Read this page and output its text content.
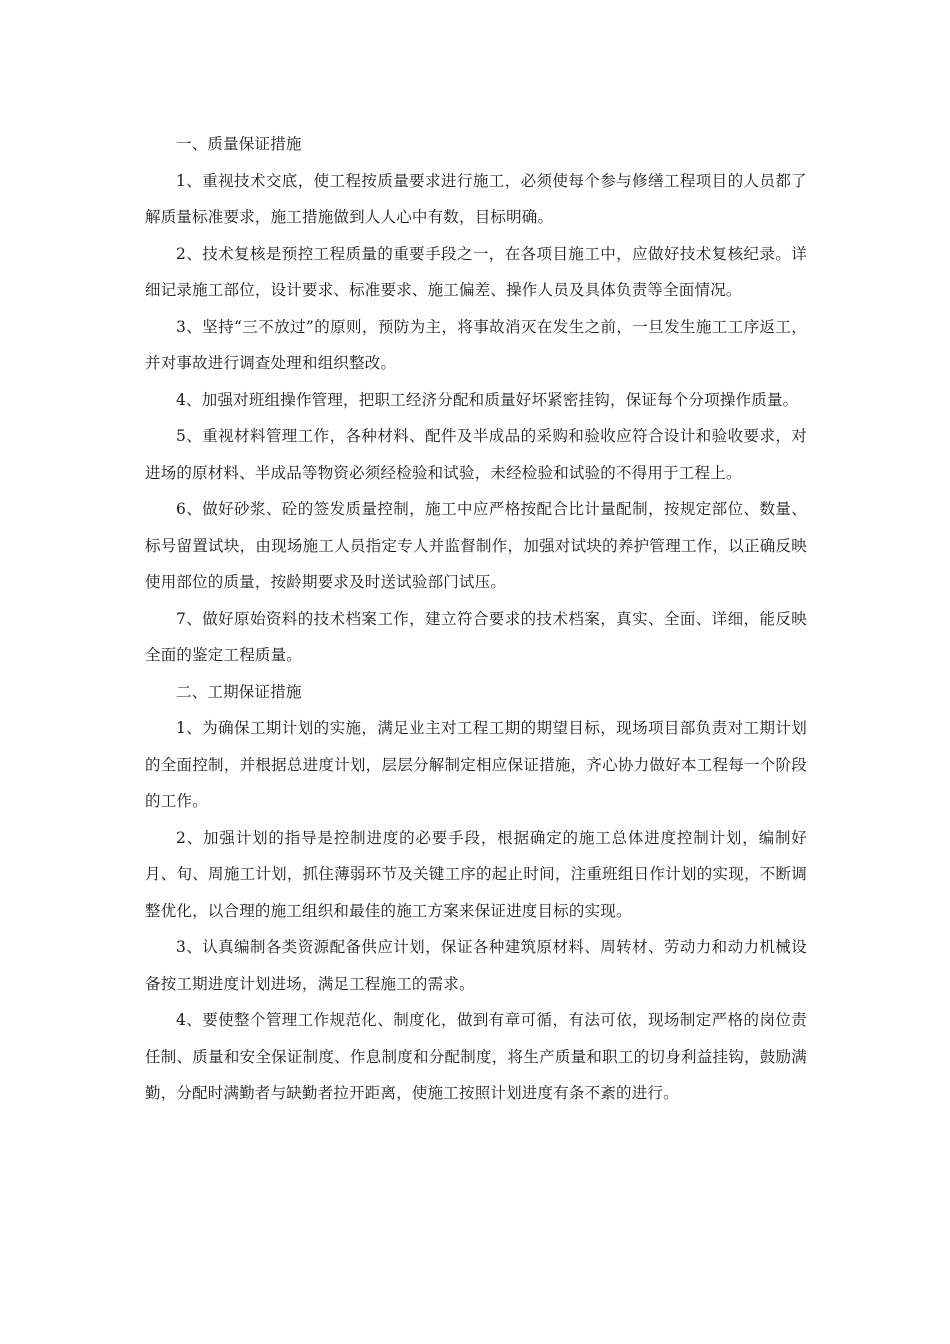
一、质量保证措施

1、重视技术交底，使工程按质量要求进行施工，必须使每个参与修缮工程项目的人员都了解质量标准要求，施工措施做到人人心中有数，目标明确。

2、技术复核是预控工程质量的重要手段之一，在各项目施工中，应做好技术复核纪录。详细记录施工部位，设计要求、标准要求、施工偏差、操作人员及具体负责等全面情况。

3、坚持“三不放过”的原则，预防为主，将事故消灭在发生之前，一旦发生施工工序返工，并对事故进行调查处理和组织整改。

4、加强对班组操作管理，把职工经济分配和质量好坏紧密挂钩，保证每个分项操作质量。

5、重视材料管理工作，各种材料、配件及半成品的采购和验收应符合设计和验收要求，对进场的原材料、半成品等物资必须经检验和试验，未经检验和试验的不得用于工程上。

6、做好砂浆、砼的签发质量控制，施工中应严格按配合比计量配制，按规定部位、数量、标号留置试块，由现场施工人员指定专人并监督制作，加强对试块的养护管理工作，以正确反映使用部位的质量，按龄期要求及时送试验部门试压。

7、做好原始资料的技术档案工作，建立符合要求的技术档案，真实、全面、详细，能反映全面的鉴定工程质量。

二、工期保证措施

1、为确保工期计划的实施，满足业主对工程工期的期望目标，现场项目部负责对工期计划的全面控制，并根据总进度计划，层层分解制定相应保证措施，齐心协力做好本工程每一个阶段的工作。

2、加强计划的指导是控制进度的必要手段，根据确定的施工总体进度控制计划，编制好月、旬、周施工计划，抓住薄弱环节及关键工序的起止时间，注重班组日作计划的实现，不断调整优化，以合理的施工组织和最佳的施工方案来保证进度目标的实现。

3、认真编制各类资源配备供应计划，保证各种建筑原材料、周转材、劳动力和动力机械设备按工期进度计划进场，满足工程施工的需求。

4、要使整个管理工作规范化、制度化，做到有章可循，有法可依，现场制定严格的岗位责任制、质量和安全保证制度、作息制度和分配制度，将生产质量和职工的切身利益挂钩，鼓励满勤，分配时满勤者与缺勤者拉开距离，使施工按照计划进度有条不紊的进行。
